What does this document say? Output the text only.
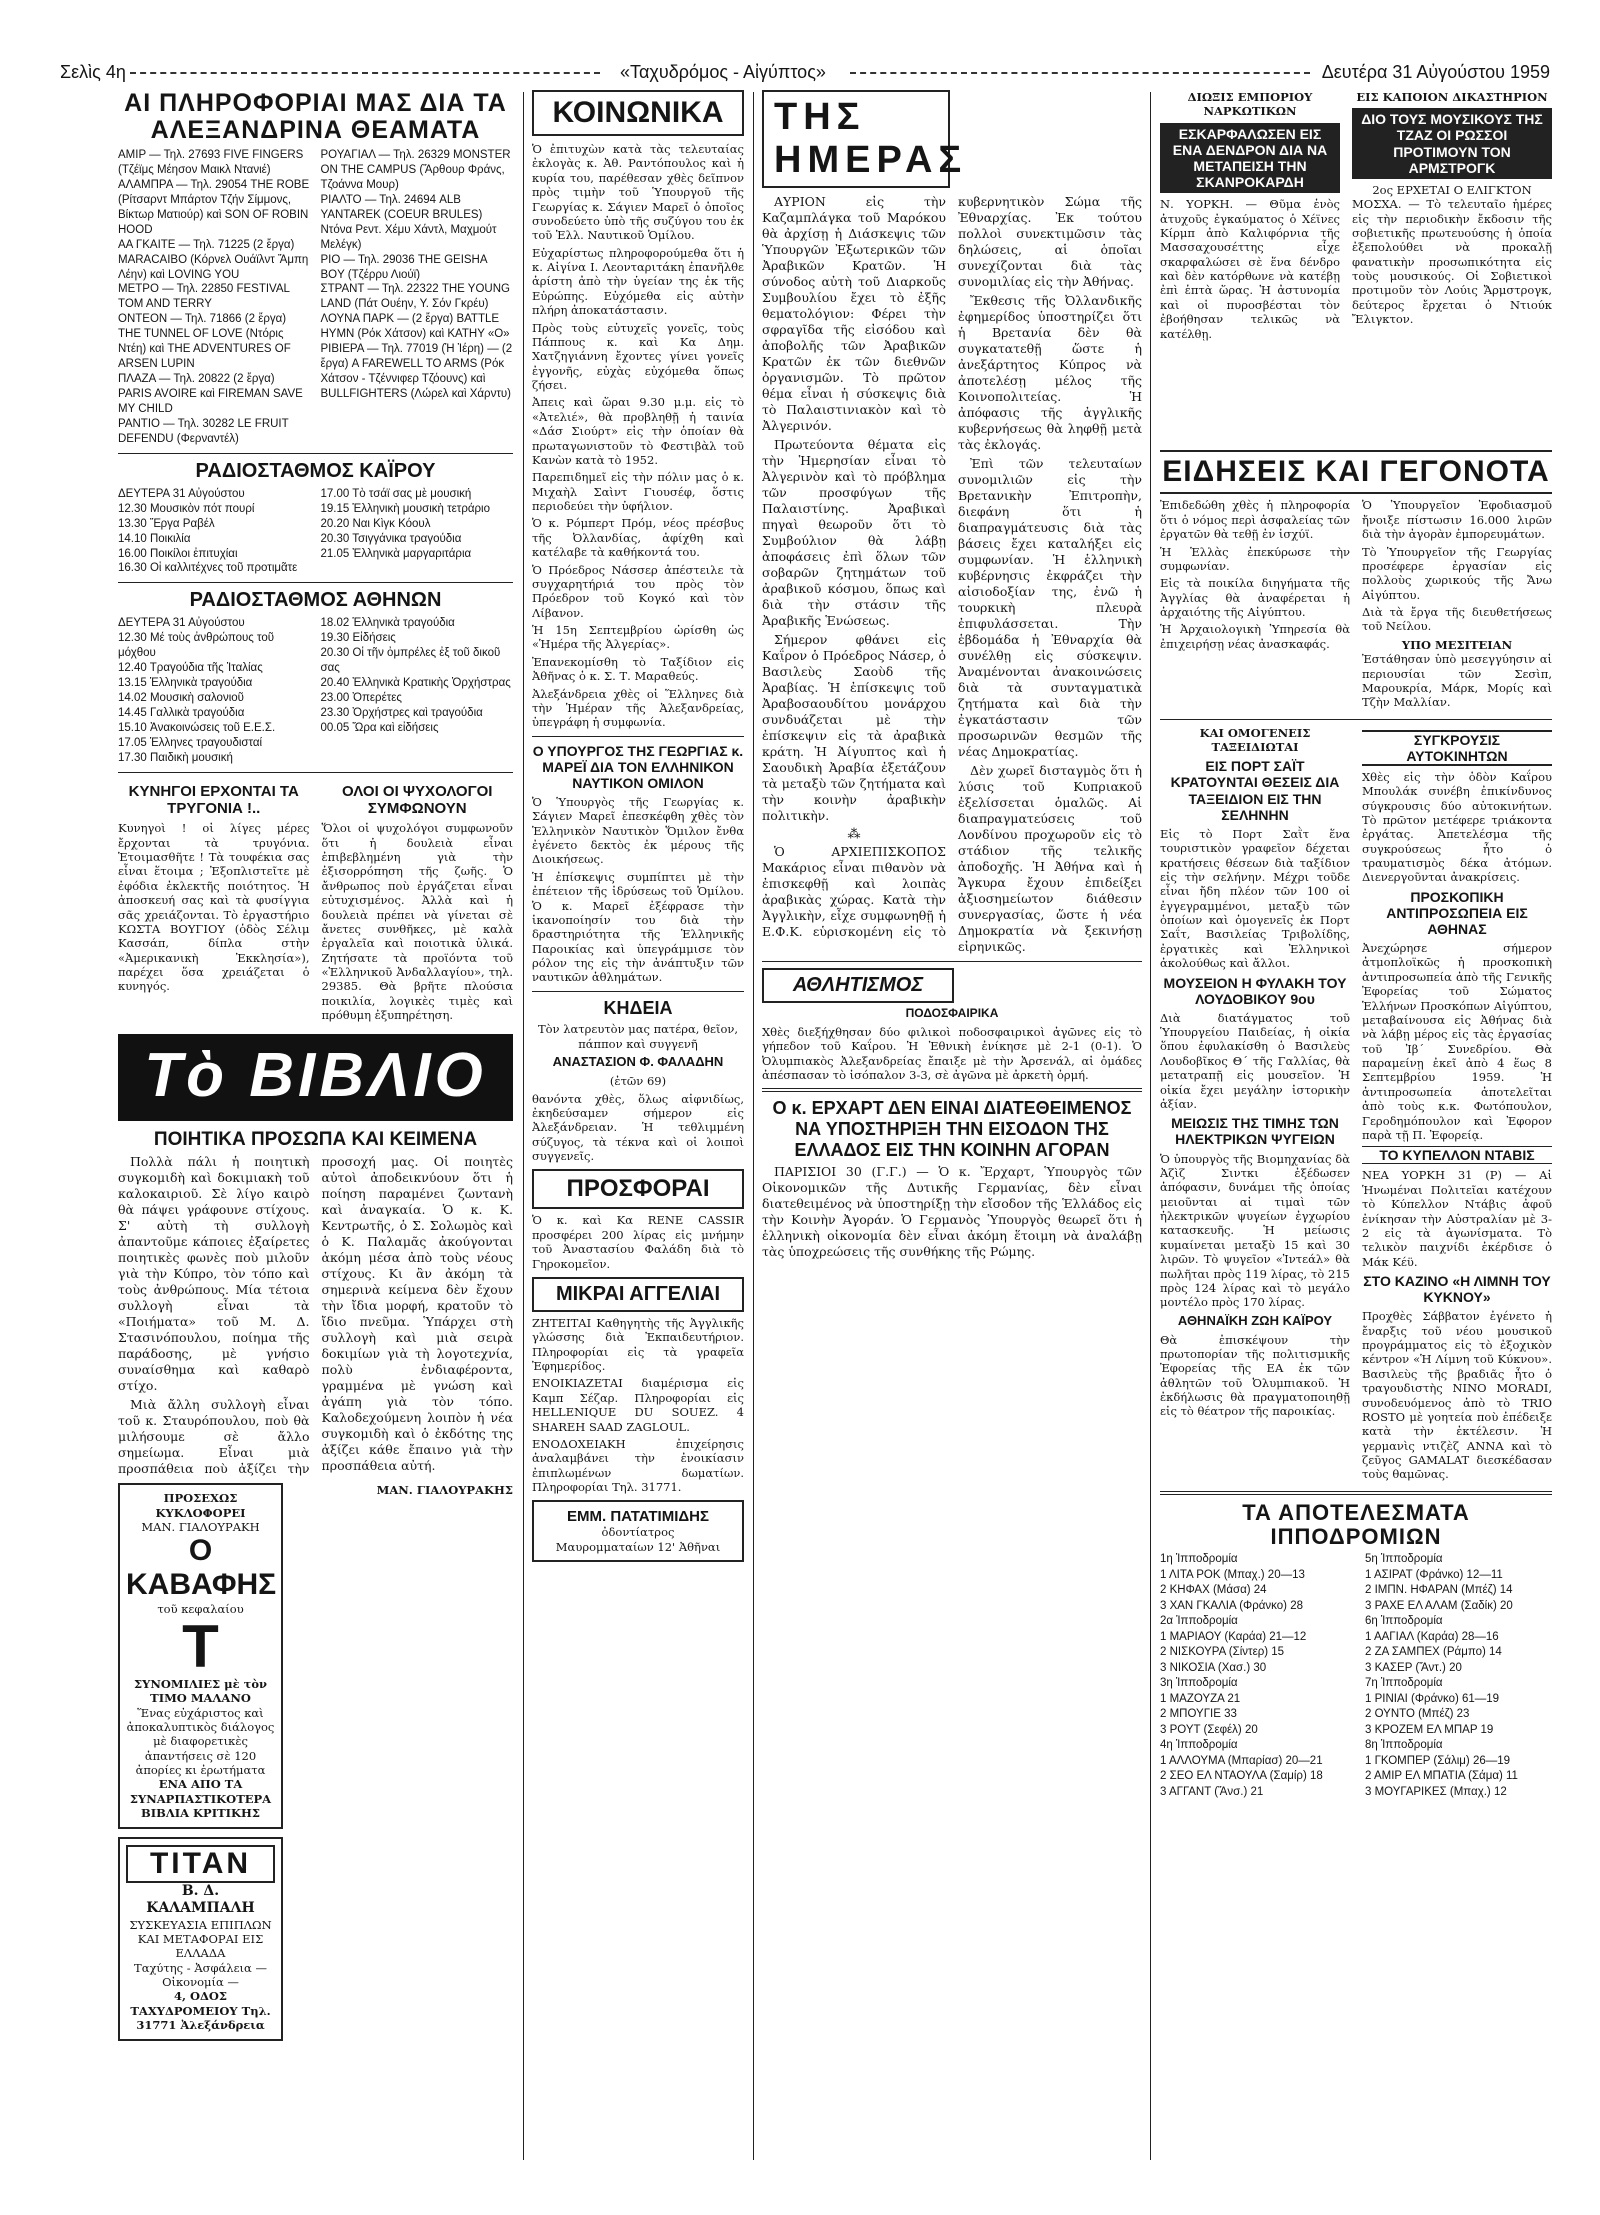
Σελὶς 4η	«Ταχυδρόμος - Αἰγύπτος»	Δευτέρα 31 Αὐγούστου 1959
ΑΙ ΠΛΗΡΟΦΟΡΙΑΙ ΜΑΣ ΔΙΑ ΤΑ ΑΛΕΞΑΝΔΡΙΝΑ ΘΕΑΜΑΤΑ
ΑΜΙΡ — Τηλ. 27693 FIVE FINGERS (Τζέϊμς Μέησον Μαικλ Ντανιέ)
ΑΛΑΜΠΡΑ — Τηλ. 29054 THE ROBE (Ρίτσαρντ Μπάρτον Τζήν Σίμμονς, Βίκτωρ Ματιούρ) καὶ SON OF ROBIN HOOD
ΑΑ ΓΚΑΙΤΕ — Τηλ. 71225 (2 ἔργα) MARACAIBO (Κόρνελ Ουάϊλντ Ἄμπη Λέην) καὶ LOVING YOU
ΜΕΤΡΟ — Τηλ. 22850 FESTIVAL TOM AND TERRY
ΟΝΤΕΟΝ — Τηλ. 71866 (2 ἔργα) THE TUNNEL OF LOVE (Ντόρις Ντέη) καὶ THE ADVENTURES OF ARSEN LUPIN
ΠΛΑΖΑ — Τηλ. 20822 (2 ἔργα) PARIS AVOIRE καὶ FIREMAN SAVE MY CHILD
ΡΑΝΤΙΟ — Τηλ. 30282 LE FRUIT DEFENDU (Φερναντέλ)
ΡΟΥΑΓΙΑΛ — Τηλ. 26329 MONSTER ON THE CAMPUS (Ἄρθουρ Φράνς, Τζοάννα Μουρ)
ΡΙΑΛΤΟ — Τηλ. 24694 ALB YANTAREK (COEUR BRULES) Ντόνα Ρεντ. Χέμυ Χάντλ, Μαχμούτ Μελέγκ)
ΡΙΟ — Τηλ. 29036 THE GEISHA BOY (Τζέρρυ Λιούϊ)
ΣΤΡΑΝΤ — Τηλ. 22322 THE YOUNG LAND (Πάτ Ουέην, Υ. Σόν Γκρέυ)
ΛΟΥΝΑ ΠΑΡΚ — (2 ἔργα) BATTLE HYMN (Ρόκ Χάτσον) καὶ KATHY «O»
ΡΙΒΙΕΡΑ — Τηλ. 77019 (Ἡ Ἱέρη) — (2 ἔργα) A FAREWELL TO ARMS (Ρόκ Χάτσον - Τζέννιφερ Τζόουνς) καὶ BULLFIGHTERS (Λώρελ καὶ Χάρντυ)
ΡΑΔΙΟΣΤΑΘΜΟΣ ΚΑΪΡΟΥ
ΔΕΥΤΕΡΑ 31 Αὐγούστου
12.30 Μουσικὸν πότ πουρί
13.30 Ἔργα Ραβέλ
14.10 Ποικιλία
16.00 Ποικίλοι ἐπιτυχίαι
16.30 Οἱ καλλιτέχνες τοῦ προτιμᾶτε
17.00 Τὸ τσάϊ σας μὲ μουσική
19.15 Ἑλληνικὴ μουσικὴ τετράριο
20.20 Ναι Κὶγκ Κόουλ
20.30 Τσιγγάνικα τραγούδια
21.05 Ἐλληνικὰ μαργαριτάρια
ΡΑΔΙΟΣΤΑΘΜΟΣ ΑΘΗΝΩΝ
ΔΕΥΤΕΡΑ 31 Αὐγούστου
12.30 Μέ τοὺς ἀνθρώπους τοῦ μόχθου
12.40 Τραγούδια τῆς Ἰταλίας
13.15 Ἑλληνικὰ τραγούδια
14.02 Μουσικὴ σαλονιοῦ
14.45 Γαλλικὰ τραγούδια
15.10 Ἀνακοινώσεις τοῦ Ε.Ε.Σ.
17.05 Ἑλληνες τραγουδισταί
17.30 Παιδικὴ μουσική
18.02 Ἑλληνικὰ τραγούδια
19.30 Εἰδήσεις
20.30 Οἱ τῆν ὀμπρέλες ἐξ τοῦ δικοῦ σας
20.40 Ἐλληνικὰ Κρατικὴς Ὀρχήστρας
23.00 Ὀπερέτες
23.30 Ὀρχήστρες καὶ τραγούδια
00.05 Ὥρα καὶ εἰδήσεις
ΚΥΝΗΓΟΙ ΕΡΧΟΝΤΑΙ ΤΑ ΤΡΥΓΟΝΙΑ !..

Κυνηγοὶ ! οἱ λίγες μέρες ἔρχονται τὰ τρυγόνια. Ἑτοιμασθῆτε ! Τὰ τουφέκια σας εἶναι ἕτοιμα ; Ἐξοπλιστεῖτε μὲ ἐφόδια ἐκλεκτῆς ποιότητος. Ἡ ἀποσκευή σας καὶ τὰ φυσίγγια σᾶς χρειάζονται. Τὸ ἐργαστήριο ΚΩΣΤΑ ΒΟΥΓΙΟΥ (ὁδὸς Σέλιμ Κασσάπ, δίπλα στὴν «Ἀμερικανικὴ Ἐκκλησία»), παρέχει ὅσα χρειάζεται ὁ κυνηγός.

ΟΛΟΙ ΟΙ ΨΥΧΟΛΟΓΟΙ ΣΥΜΦΩΝΟΥΝ

Ὅλοι οἱ ψυχολόγοι συμφωνοῦν ὅτι ἡ δουλειὰ εἶναι ἐπιβεβλημένη γιὰ τὴν ἐξισορρόπηση τῆς ζωῆς. Ὁ ἄνθρωπος ποὺ ἐργάζεται εἶναι εὐτυχισμένος. Ἀλλὰ καὶ ἡ δουλειὰ πρέπει νὰ γίνεται σὲ ἄνετες συνθῆκες, μὲ καλὰ ἐργαλεῖα καὶ ποιοτικὰ ὑλικά. Ζητήσατε τὰ προϊόντα τοῦ «Ἑλληνικοῦ Ἀνδαλλαγίου», τηλ. 29385. Θὰ βρῆτε πλούσια ποικιλία, λογικὲς τιμὲς καὶ πρόθυμη ἐξυπηρέτηση.

Τὸ ΒΙΒΛΙΟ
ΠΟΙΗΤΙΚΑ ΠΡΟΣΩΠΑ ΚΑΙ ΚΕΙΜΕΝΑ

Πολλὰ πάλι ἡ ποιητικὴ συγκομιδὴ καὶ δοκιμιακὴ τοῦ καλοκαιριοῦ. Σὲ λίγο καιρὸ θὰ πάψει γράφουνε στίχους. Σ' αὐτὴ τὴ συλλογὴ ἀπαντοῦμε κάποιες ἐξαίρετες ποιητικὲς φωνὲς ποὺ μιλοῦν γιὰ τὴν Κύπρο, τὸν τόπο καὶ τοὺς ἀνθρώπους. Μία τέτοια συλλογὴ εἶναι τὰ «Ποιήματα» τοῦ Μ. Δ. Στασινόπουλου, ποίημα τῆς παράδοσης, μὲ γνήσιο συναίσθημα καὶ καθαρὸ στίχο.

Μιὰ ἄλλη συλλογὴ εἶναι τοῦ κ. Σταυρόπουλου, ποὺ θὰ μιλήσουμε σὲ ἄλλο σημείωμα. Εἶναι μιὰ προσπάθεια ποὺ ἀξίζει τὴν προσοχή μας. Οἱ ποιητὲς αὐτοὶ ἀποδεικνύουν ὅτι ἡ ποίηση παραμένει ζωντανὴ καὶ ἀναγκαία. Ὁ κ. Κ. Κεντρωτῆς, ὁ Σ. Σολωμὸς καὶ ὁ Κ. Παλαμᾶς ἀκούγονται ἀκόμη μέσα ἀπὸ τοὺς νέους στίχους. Κι ἂν ἀκόμη τὰ σημερινὰ κείμενα δὲν ἔχουν τὴν ἴδια μορφή, κρατοῦν τὸ ἴδιο πνεῦμα. Ὑπάρχει στὴ συλλογὴ καὶ μιὰ σειρὰ δοκιμίων γιὰ τὴ λογοτεχνία, πολὺ ἐνδιαφέροντα, γραμμένα μὲ γνώση καὶ ἀγάπη γιὰ τὸν τόπο. Καλοδεχούμενη λοιπὸν ἡ νέα συγκομιδὴ καὶ ὁ ἐκδότης της ἀξίζει κάθε ἔπαινο γιὰ τὴν προσπάθεια αὐτή.

ΠΡΟΣΕΧΩΣ ΚΥΚΛΟΦΟΡΕΙ
ΜΑΝ. ΓΙΑΛΟΥΡΑΚΗ
Ο ΚΑΒΑΦΗΣ
τοῦ κεφαλαίου
Τ
ΣΥΝΟΜΙΛΙΕΣ μὲ τὸν ΤΙΜΟ ΜΑΛΑΝΟ
Ἕνας εὐχάριστος καὶ ἀποκαλυπτικὸς διάλογος μὲ διαφορετικὲς ἀπαντήσεις σὲ 120 ἀπορίες κι ἐρωτήματα
ΕΝΑ ΑΠΟ ΤΑ ΣΥΝΑΡΠΑΣΤΙΚΟΤΕΡΑ ΒΙΒΛΙΑ ΚΡΙΤΙΚΗΣ
ΤΙΤΑΝ
Β. Δ. ΚΑΛΑΜΠΑΛΗ
ΣΥΣΚΕΥΑΣΙΑ ΕΠΙΠΛΩΝ
ΚΑΙ ΜΕΤΑΦΟΡΑΙ ΕΙΣ ΕΛΛΑΔΑ
Ταχύτης - Ἀσφάλεια — Οἰκονομία —
4, ΟΔΟΣ ΤΑΧΥΔΡΟΜΕΙΟΥ Τηλ. 31771 Ἀλεξάνδρεια

ΜΑΝ. ΓΙΑΛΟΥΡΑΚΗΣ

ΚΟΙΝΩΝΙΚΑ

Ὁ ἐπιτυχὼν κατὰ τὰς τελευταίας ἐκλογὰς κ. Ἀθ. Ραντόπουλος καὶ ἡ κυρία του, παρέθεσαν χθὲς δεῖπνον πρὸς τιμὴν τοῦ Ὑπουργοῦ τῆς Γεωργίας κ. Σάγιεν Μαρεῖ ὁ ὁποῖος συνοδεύετο ὑπὸ τῆς συζύγου του ἐκ τοῦ Ἑλλ. Ναυτικοῦ Ὁμίλου.

Εὐχαρίστως πληροφορούμεθα ὅτι ἡ κ. Αἰγίνα Ι. Λεονταριτάκη ἐπανῆλθε ἀρίστη ἀπὸ τὴν ὑγείαν της ἐκ τῆς Εὐρώπης. Εὐχόμεθα εἰς αὐτὴν πλήρη ἀποκατάστασιν.

Πρὸς τοὺς εὐτυχεῖς γονεῖς, τοὺς Πάππους κ. καὶ Κα Δημ. Χατζηγιάννη ἔχοντες γίνει γονεῖς ἐγγονῆς, εὐχὰς εὐχόμεθα ὅπως ζήσει.

Ἀπεις καὶ ὥραι 9.30 μ.μ. εἰς τὸ «Ἀτελιέ», θὰ προβληθῇ ἡ ταινία «Δάσ Σιούρτ» εἰς τὴν ὁποίαν θὰ πρωταγωνιστοῦν τὸ Φεστιβὰλ τοῦ Κανὼν κατὰ τὸ 1952.

Παρεπιδημεῖ εἰς τὴν πόλιν μας ὁ κ. Μιχαὴλ Σαὶντ Γιουσέφ, ὅστις περιοδεύει τὴν ὑφήλιον.

Ὁ κ. Ρόμπερτ Πρόμ, νέος πρέσβυς τῆς Ὀλλανδίας, ἀφίχθη καὶ κατέλαβε τὰ καθήκοντά του.

Ὁ Πρόεδρος Νάσσερ ἀπέστειλε τὰ συγχαρητήριά του πρὸς τὸν Πρόεδρον τοῦ Κογκό καὶ τὸν Λίβανον.

Ἡ 15η Σεπτεμβρίου ὡρίσθη ὡς «Ἡμέρα τῆς Ἀλγερίας».

Ἐπανεκομίσθη τὸ Ταξίδιον εἰς Ἀθῆνας ὁ κ. Σ. Τ. Μαραθεύς.

Ἀλεξάνδρεια χθὲς οἱ Ἕλληνες διὰ τὴν Ἡμέραν τῆς Ἀλεξανδρείας, ὑπεγράφη ἡ συμφωνία.

Ο ΥΠΟΥΡΓΟΣ ΤΗΣ ΓΕΩΡΓΙΑΣ κ. ΜΑΡΕΪ ΔΙΑ ΤΟΝ ΕΛΛΗΝΙΚΟΝ ΝΑΥΤΙΚΟΝ ΟΜΙΛΟΝ

Ὁ Ὑπουργὸς τῆς Γεωργίας κ. Σάγιεν Μαρεῖ ἐπεσκέφθη χθὲς τὸν Ἑλληνικὸν Ναυτικὸν Ὅμιλον ἔνθα ἐγένετο δεκτὸς ἐκ μέρους τῆς Διοικήσεως.

Ἡ ἐπίσκεψις συμπίπτει μὲ τὴν ἐπέτειον τῆς ἱδρύσεως τοῦ Ὁμίλου. Ὁ κ. Μαρεῖ ἐξέφρασε τὴν ἱκανοποίησίν του διὰ τὴν δραστηριότητα τῆς Ἑλληνικῆς Παροικίας καὶ ὑπεγράμμισε τὸν ρόλον της εἰς τὴν ἀνάπτυξιν τῶν ναυτικῶν ἀθλημάτων.

ΚΗΔΕΙΑ

Τὸν λατρευτὸν μας πατέρα, θεῖον, πάππον καὶ συγγενῆ

ΑΝΑΣΤΑΣΙΟΝ Φ. ΦΑΛΑΔΗΝ

(ἐτῶν 69)

θανόντα χθὲς, ὅλως αἰφνιδίως, ἐκηδεύσαμεν σήμερον εἰς Ἀλεξάνδρειαν. Ἡ τεθλιμμένη σύζυγος, τὰ τέκνα καὶ οἱ λοιποὶ συγγενεῖς.

ΠΡΟΣΦΟΡΑΙ

Ὁ κ. καὶ Κα RENE CASSIR προσφέρει 200 λίρας εἰς μνήμην τοῦ Ἀναστασίου Φαλάδη διὰ τὸ Γηροκομεῖον.

ΜΙΚΡΑΙ ΑΓΓΕΛΙΑΙ

ΖΗΤΕΙΤΑΙ Καθηγητὴς τῆς Ἀγγλικῆς γλώσσης διὰ Ἐκπαιδευτήριον. Πληροφορίαι εἰς τὰ γραφεῖα Ἐφημερίδος.

ΕΝΟΙΚΙΑΖΕΤΑΙ διαμέρισμα εἰς Καμπ Σέζαρ. Πληροφορίαι εἰς HELLENIQUE DU SOUEZ. 4 SHAREH SAAD ZAGLOUL.

ΕΝΟΔΟΧΕΙΑΚΗ ἐπιχείρησις ἀναλαμβάνει τὴν ἐνοικίασιν ἐπιπλωμένων δωματίων. Πληροφορίαι Τηλ. 31771.

ΕΜΜ. ΠΑΤΑΤΙΜΙΔΗΣ
ὀδοντίατρος
Μαυρομματαίων 12' Ἀθῆναι
ΤΗΣ ΗΜΕΡΑΣ

ΑΥΡΙΟΝ εἰς τὴν Καζαμπλάγκα τοῦ Μαρόκου θὰ ἀρχίσῃ ἡ Διάσκεψις τῶν Ὑπουργῶν Ἐξωτερικῶν τῶν Ἀραβικῶν Κρατῶν. Ἡ σύνοδος αὐτὴ τοῦ Διαρκοῦς Συμβουλίου ἔχει τὸ ἐξῆς θεματολόγιον: Φέρει τὴν σφραγῖδα τῆς εἰσόδου καὶ ἀποβολῆς τῶν Ἀραβικῶν Κρατῶν ἐκ τῶν διεθνῶν ὀργανισμῶν. Τὸ πρῶτον θέμα εἶναι ἡ σύσκεψις διὰ τὸ Παλαιστινιακὸν καὶ τὸ Ἀλγερινόν.

Πρωτεύοντα θέματα εἰς τὴν Ἡμερησίαν εἶναι τὸ Ἀλγερινὸν καὶ τὸ πρόβλημα τῶν προσφύγων τῆς Παλαιστίνης. Ἀραβικαὶ πηγαὶ θεωροῦν ὅτι τὸ Συμβούλιον θὰ λάβῃ ἀποφάσεις ἐπὶ ὅλων τῶν σοβαρῶν ζητημάτων τοῦ ἀραβικοῦ κόσμου, ὅπως καὶ διὰ τὴν στάσιν τῆς Ἀραβικῆς Ἑνώσεως.

Σήμερον φθάνει εἰς Καΐρον ὁ Πρόεδρος Νάσερ, ὁ Βασιλεὺς Σαοὺδ τῆς Ἀραβίας. Ἡ ἐπίσκεψις τοῦ Ἀραβοσαουδίτου μονάρχου συνδυάζεται μὲ τὴν ἐπίσκεψιν εἰς τὰ ἀραβικὰ κράτη. Ἡ Ἀίγυπτος καὶ ἡ Σαουδικὴ Ἀραβία ἐξετάζουν τὰ μεταξὺ τῶν ζητήματα καὶ τὴν κοινὴν ἀραβικὴν πολιτικὴν.

⁂

Ὁ ΑΡΧΙΕΠΙΣΚΟΠΟΣ Μακάριος εἶναι πιθανὸν νὰ ἐπισκεφθῇ καὶ λοιπὰς ἀραβικὰς χώρας. Κατὰ τὴν Ἀγγλικὴν, εἶχε συμφωνηθῇ ἡ Ε.Φ.Κ. εὑρισκομένη εἰς τὸ κυβερνητικὸν Σώμα τῆς Ἐθναρχίας. Ἐκ τούτου πολλοὶ συνεκτιμῶσιν τὰς δηλώσεις, αἱ ὁποῖαι συνεχίζονται διὰ τὰς συνομιλίας εἰς τὴν Ἀθήνας.

Ἔκθεσις τῆς Ὀλλανδικῆς ἐφημερίδος ὑποστηρίζει ὅτι ἡ Βρετανία δὲν θὰ συγκατατεθῇ ὥστε ἡ ἀνεξάρτητος Κύπρος νὰ ἀποτελέσῃ μέλος τῆς Κοινοπολιτείας. Ἡ ἀπόφασις τῆς ἀγγλικῆς κυβερνήσεως θὰ ληφθῇ μετὰ τὰς ἐκλογάς.

Ἐπὶ τῶν τελευταίων συνομιλιῶν εἰς τὴν Βρετανικὴν Ἐπιτροπὴν, διεφάνη ὅτι ἡ διαπραγμάτευσις διὰ τὰς βάσεις ἔχει καταλήξει εἰς συμφωνίαν. Ἡ ἑλληνικὴ κυβέρνησις ἐκφράζει τὴν αἰσιοδοξίαν της, ἐνῶ ἡ τουρκικὴ πλευρὰ ἐπιφυλάσσεται. Τὴν ἑβδομάδα ἡ Ἐθναρχία θὰ συνέλθῃ εἰς σύσκεψιν. Ἀναμένονται ἀνακοινώσεις διὰ τὰ συνταγματικὰ ζητήματα καὶ διὰ τὴν ἐγκατάστασιν τῶν προσωρινῶν θεσμῶν τῆς νέας Δημοκρατίας.

Δὲν χωρεῖ δισταγμὸς ὅτι ἡ λύσις τοῦ Κυπριακοῦ ἐξελίσσεται ὁμαλῶς. Αἱ διαπραγματεύσεις τοῦ Λονδίνου προχωροῦν εἰς τὸ στάδιον τῆς τελικῆς ἀποδοχῆς. Ἡ Ἀθήνα καὶ ἡ Ἄγκυρα ἔχουν ἐπιδείξει ἀξιοσημείωτον διάθεσιν συνεργασίας, ὥστε ἡ νέα Δημοκρατία νὰ ξεκινήσῃ εἰρηνικῶς.

ΑΘΛΗΤΙΣΜΟΣ
ΠΟΔΟΣΦΑΙΡΙΚΑ

Χθὲς διεξήχθησαν δύο φιλικοὶ ποδοσφαιρικοὶ ἀγῶνες εἰς τὸ γήπεδον τοῦ Καΐρου. Ἡ Ἐθνικὴ ἐνίκησε μὲ 2-1 (0-1). Ὁ Ὀλυμπιακὸς Ἀλεξανδρείας ἔπαιξε μὲ τὴν Ἀρσενάλ, αἱ ὀμάδες ἀπέσπασαν τὸ ἰσόπαλον 3-3, σὲ ἀγῶνα μὲ ἀρκετὴ ὁρμή.

Ο κ. ΕΡΧΑΡΤ ΔΕΝ ΕΙΝΑΙ ΔΙΑΤΕΘΕΙΜΕΝΟΣ ΝΑ ΥΠΟΣΤΗΡΙΞΗ ΤΗΝ ΕΙΣΟΔΟΝ ΤΗΣ ΕΛΛΑΔΟΣ ΕΙΣ ΤΗΝ ΚΟΙΝΗΝ ΑΓΟΡΑΝ

ΠΑΡΙΣΙΟΙ 30 (Γ.Γ.) — Ὁ κ. Ἔρχαρτ, Ὑπουργὸς τῶν Οἰκονομικῶν τῆς Δυτικῆς Γερμανίας, δὲν εἶναι διατεθειμένος νὰ ὑποστηρίξῃ τὴν εἴσοδον τῆς Ἑλλάδος εἰς τὴν Κοινὴν Ἀγοράν. Ὁ Γερμανὸς Ὑπουργὸς θεωρεῖ ὅτι ἡ ἑλληνικὴ οἰκονομία δὲν εἶναι ἀκόμη ἕτοιμη νὰ ἀναλάβῃ τὰς ὑποχρεώσεις τῆς συνθήκης τῆς Ρώμης.

ΔΙΩΞΙΣ ΕΜΠΟΡΙΟΥ ΝΑΡΚΩΤΙΚΩΝ
ΕΣΚΑΡΦΑΛΩΣΕΝ ΕΙΣ ΕΝΑ ΔΕΝΔΡΟΝ ΔΙΑ ΝΑ ΜΕΤΑΠΕΙΣΗ ΤΗΝ ΣΚΑΝΡΟΚΑΡΔΗ

Ν. ΥΟΡΚΗ. — Θῦμα ἑνὸς ἀτυχοῦς ἐγκαύματος ὁ Χέϊνες Κίρμπ ἀπὸ Καλιφόρνια τῆς Μασσαχουσέττης εἶχε σκαρφαλώσει σὲ ἕνα δένδρο καὶ δὲν κατόρθωνε νὰ κατέβῃ ἐπὶ ἑπτὰ ὥρας. Ἡ ἀστυνομία καὶ οἱ πυροσβέσται τὸν ἐβοήθησαν τελικῶς νὰ κατέλθῃ.

ΕΙΣ ΚΑΠΟΙΟΝ ΔΙΚΑΣΤΗΡΙΟΝ
ΔΙΟ ΤΟΥΣ ΜΟΥΣΙΚΟΥΣ ΤΗΣ ΤΖΑΖ ΟΙ ΡΩΣΣΟΙ ΠΡΟΤΙΜΟΥΝ ΤΟΝ ΑΡΜΣΤΡΟΓΚ
2ος ΕΡΧΕΤΑΙ Ο ΕΛΙΓΚΤΟΝ

ΜΟΣΧΑ. — Τὸ τελευταῖο ἡμέρες εἰς τὴν περιοδικὴν ἔκδοσιν τῆς σοβιετικῆς πρωτευούσης ἡ ὁποία ἐξεπολούθει νὰ προκαλῇ φανατικὴν προσωπικότητα εἰς τοὺς μουσικούς. Οἱ Σοβιετικοὶ προτιμοῦν τὸν Λούις Ἄρμστρογκ, δεύτερος ἔρχεται ὁ Ντιούκ Ἔλιγκτον.

ΕΙΔΗΣΕΙΣ ΚΑΙ ΓΕΓΟΝΟΤΑ

Ἐπιδεδώθη χθὲς ἡ πληροφορία ὅτι ὁ νόμος περὶ ἀσφαλείας τῶν ἐργατῶν θὰ τεθῇ ἐν ἰσχύϊ.

Ἡ Ἑλλὰς ἐπεκύρωσε τὴν συμφωνίαν.

Εἰς τὰ ποικίλα διηγήματα τῆς Ἀγγλίας θὰ ἀναφέρεται ἡ ἀρχαιότης τῆς Αἰγύπτου.

Ἡ Ἀρχαιολογικὴ Ὑπηρεσία θὰ ἐπιχειρήσῃ νέας ἀνασκαφάς.

Ὁ Ὑπουργεῖον Ἐφοδιασμοῦ ἤνοιξε πίστωσιν 16.000 λιρῶν διὰ τὴν ἀγορὰν ἐμπορευμάτων.

Τὸ Ὑπουργεῖον τῆς Γεωργίας προσέφερε ἐργασίαν εἰς πολλοὺς χωρικούς τῆς Ἄνω Αἰγύπτου.

Διὰ τὰ ἔργα τῆς διευθετήσεως τοῦ Νείλου.

ΥΠΟ ΜΕΣΙΤΕΙΑΝ

Ἐστάθησαν ὑπὸ μεσεγγύησιν αἱ περιουσίαι τῶν Σεσὶπ, Μαρουκρία, Μάρκ, Μορίς καὶ Τζὴν Μαλλίαν.

ΚΑΙ ΟΜΟΓΕΝΕΙΣ ΤΑΞΕΙΔΙΩΤΑΙ
ΕΙΣ ΠΟΡΤ ΣΑΪΤ ΚΡΑΤΟΥΝΤΑΙ ΘΕΣΕΙΣ ΔΙΑ ΤΑΞΕΙΔΙΟΝ ΕΙΣ ΤΗΝ ΣΕΛΗΝΗΝ

Εἰς τὸ Πορτ Σαῒτ ἕνα τουριστικὸν γραφεῖον δέχεται κρατήσεις θέσεων διὰ ταξίδιον εἰς τὴν σελήνην. Μέχρι τοῦδε εἶναι ἤδη πλέον τῶν 100 οἱ ἐγγεγραμμένοι, μεταξὺ τῶν ὁποίων καὶ ὁμογενεῖς ἐκ Πορτ Σαΐτ, Βασιλείας Τριβολίδης, ἐργατικὲς καὶ Ἑλληνικοὶ ἀκολούθως καὶ ἄλλοι.

ΜΟΥΣΕΙΟΝ Η ΦΥΛΑΚΗ ΤΟΥ ΛΟΥΔΟΒΙΚΟΥ 9ου

Διὰ διατάγματος τοῦ Ὑπουργείου Παιδείας, ἡ οἰκία ὅπου ἐφυλακίσθη ὁ Βασιλεὺς Λουδοβῖκος Θ΄ τῆς Γαλλίας, θὰ μετατραπῇ εἰς μουσεῖον. Ἡ οἰκία ἔχει μεγάλην ἱστορικὴν ἀξίαν.

ΜΕΙΩΣΙΣ ΤΗΣ ΤΙΜΗΣ ΤΩΝ ΗΛΕΚΤΡΙΚΩΝ ΨΥΓΕΙΩΝ

Ὁ ὑπουργὸς τῆς Βιομηχανίας δὰ Ἀζὶζ Σιντκι ἐξέδωσεν ἀπόφασιν, δυνάμει τῆς ὁποίας μειοῦνται αἱ τιμαὶ τῶν ἠλεκτρικῶν ψυγείων ἐγχωρίου κατασκευῆς. Ἡ μείωσις κυμαίνεται μεταξὺ 15 καὶ 30 λιρῶν. Τὸ ψυγεῖον «Ἰντεάλ» θὰ πωλῆται πρὸς 119 λίρας, τὸ 215 πρὸς 124 λίρας καὶ τὸ μεγάλο μοντέλο πρὸς 170 λίρας.

ΑΘΗΝΑΪΚΗ ΖΩΗ ΚΑΪΡΟΥ

Θὰ ἐπισκέψουν τὴν πρωτοπορίαν τῆς πολιτισμικῆς Ἐφορείας τῆς ΕΑ ἐκ τῶν ἀθλητῶν τοῦ Ὀλυμπιακοῦ. Ἡ ἐκδήλωσις θὰ πραγματοποιηθῇ εἰς τὸ θέατρον τῆς παροικίας.

ΣΥΓΚΡΟΥΣΙΣ ΑΥΤΟΚΙΝΗΤΩΝ

Χθὲς εἰς τὴν ὁδὸν Καΐρου Μπουλάκ συνέβη ἐπικίνδυνος σύγκρουσις δύο αὐτοκινήτων. Τὸ πρῶτον μετέφερε τριάκοντα ἐργάτας. Ἀπετελέσμα τῆς συγκρούσεως ἦτο ὁ τραυματισμὸς δέκα ἀτόμων. Διενεργοῦνται ἀνακρίσεις.

ΠΡΟΣΚΟΠΙΚΗ ΑΝΤΙΠΡΟΣΩΠΕΙΑ ΕΙΣ ΑΘΗΝΑΣ

Ἀνεχώρησε σήμερον ἀτμοπλοϊκῶς ἡ προσκοπικὴ ἀντιπροσωπεία ἀπὸ τῆς Γενικῆς Ἐφορείας τοῦ Σώματος Ἑλλήνων Προσκόπων Αἰγύπτου, μεταβαίνουσα εἰς Ἀθήνας διὰ νὰ λάβῃ μέρος εἰς τὰς ἐργασίας τοῦ Ἰβ΄ Συνεδρίου. Θὰ παραμείνῃ ἐκεῖ ἀπὸ 4 ἕως 8 Σεπτεμβρίου 1959. Ἡ ἀντιπροσωπεία ἀποτελεῖται ἀπὸ τοὺς κ.κ. Φωτόπουλον, Γεροδημόπουλον καὶ Ἐφορον παρὰ τῇ Π. Ἐφορείᾳ.

ΤΟ ΚΥΠΕΛΛΟΝ ΝΤΑΒΙΣ

ΝΕΑ ΥΟΡΚΗ 31 (Ρ) — Αἱ Ἡνωμέναι Πολιτεῖαι κατέχουν τὸ Κύπελλον Ντάβις ἀφοῦ ἐνίκησαν τὴν Αὐστραλίαν μὲ 3-2 εἰς τὰ ἀγωνίσματα. Τὸ τελικὸν παιχνίδι ἐκέρδισε ὁ Μάκ Κέϋ.

ΣΤΟ ΚΑΖΙΝΟ «Η ΛΙΜΝΗ ΤΟΥ ΚΥΚΝΟΥ»

Προχθὲς Σάββατον ἐγένετο ἡ ἔναρξις τοῦ νέου μουσικοῦ προγράμματος εἰς τὸ ἐξοχικὸν κέντρον «Ἡ Λίμνη τοῦ Κύκνου». Βασιλεὺς τῆς βραδιᾶς ἦτο ὁ τραγουδιστὴς NINO MORADI, συνοδευόμενος ἀπὸ τὸ TRIO ROSTO μὲ γοητεία ποὺ ἐπέδειξε κατὰ τὴν ἐκτέλεσιν. Ἡ γερμανὶς ντιζὲζ ANNA καὶ τὸ ζεῦγος GAMALAT διεσκέδασαν τοὺς θαμῶνας.

ΤΑ ΑΠΟΤΕΛΕΣΜΑΤΑ ΙΠΠΟΔΡΟΜΙΩΝ
1η Ἱπποδρομία
1 ΛΙΤΑ ΡΟΚ (Μπαχ.) 20—13
2 ΚΗΦΑΧ (Μάσα) 24
3 ΧΑΝ ΓΚΑΛΙΑ (Φράνκο) 28
2α Ἱπποδρομία
1 ΜΑΡΙΑΟΥ (Καράα) 21—12
2 ΝΙΣΚΟΥΡΑ (Σίντερ) 15
3 ΝΙΚΟΣΙΑ (Χασ.) 30
3η Ἱπποδρομία
1 ΜΑΖΟΥΖΑ 21
2 ΜΠΟΥΓΙΕ 33
3 ΡΟΥΤ (Σεφέλ) 20
4η Ἱπποδρομία
1 ΑΛΛΟΥΜΑ (Μπαρίασ) 20—21
2 ΣΕΟ ΕΛ ΝΤΑΟΥΛΑ (Σαμίρ) 18
3 ΑΓΓΑΝΤ (Ἄνσ.) 21
5η Ἱπποδρομία
1 ΑΣΙΡΑΤ (Φράνκο) 12—11
2 ΙΜΠΝ. ΗΦΑΡΑΝ (Μπέζ) 14
3 ΡΑΧΕ ΕΛ ΑΛΑΜ (Σαδίκ) 20
6η Ἱπποδρομία
1 ΑΑΓΙΑΛ (Καράα) 28—16
2 ΖΑ ΣΑΜΠΕΧ (Ράμπο) 14
3 ΚΑΣΕΡ (Ἄντ.) 20
7η Ἱπποδρομία
1 ΡΙΝΙΑΙ (Φράνκο) 61—19
2 ΟΥΝΤΟ (Μπέζ) 23
3 ΚΡΟΖΕΜ ΕΛ ΜΠΑΡ 19
8η Ἱπποδρομία
1 ΓΚΟΜΠΕΡ (Σάλιμ) 26—19
2 ΑΜΙΡ ΕΛ ΜΠΑΤΙΑ (Σάμα) 11
3 ΜΟΥΓΑΡΙΚΕΣ (Μπαχ.) 12
